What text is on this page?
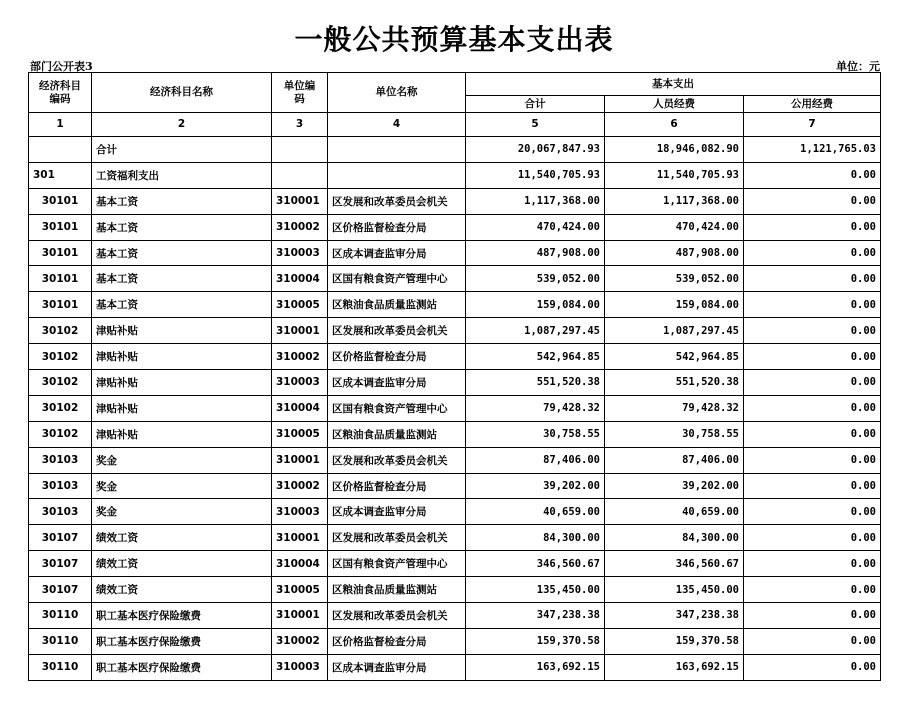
一般公共预算基本支出表
部门公开表3	单位：元
经济科目编码	经济科目名称	单位编码	单位名称	基本支出		
				合计	人员经费	公用经费
1	2	3	4	5	6	7
	合计			20,067,847.93	18,946,082.90	1,121,765.03
301	工资福利支出			11,540,705.93	11,540,705.93	0.00
30101	基本工资	310001	区发展和改革委员会机关	1,117,368.00	1,117,368.00	0.00
30101	基本工资	310002	区价格监督检查分局	470,424.00	470,424.00	0.00
30101	基本工资	310003	区成本调查监审分局	487,908.00	487,908.00	0.00
30101	基本工资	310004	区国有粮食资产管理中心	539,052.00	539,052.00	0.00
30101	基本工资	310005	区粮油食品质量监测站	159,084.00	159,084.00	0.00
30102	津贴补贴	310001	区发展和改革委员会机关	1,087,297.45	1,087,297.45	0.00
30102	津贴补贴	310002	区价格监督检查分局	542,964.85	542,964.85	0.00
30102	津贴补贴	310003	区成本调查监审分局	551,520.38	551,520.38	0.00
30102	津贴补贴	310004	区国有粮食资产管理中心	79,428.32	79,428.32	0.00
30102	津贴补贴	310005	区粮油食品质量监测站	30,758.55	30,758.55	0.00
30103	奖金	310001	区发展和改革委员会机关	87,406.00	87,406.00	0.00
30103	奖金	310002	区价格监督检查分局	39,202.00	39,202.00	0.00
30103	奖金	310003	区成本调查监审分局	40,659.00	40,659.00	0.00
30107	绩效工资	310001	区发展和改革委员会机关	84,300.00	84,300.00	0.00
30107	绩效工资	310004	区国有粮食资产管理中心	346,560.67	346,560.67	0.00
30107	绩效工资	310005	区粮油食品质量监测站	135,450.00	135,450.00	0.00
30110	职工基本医疗保险缴费	310001	区发展和改革委员会机关	347,238.38	347,238.38	0.00
30110	职工基本医疗保险缴费	310002	区价格监督检查分局	159,370.58	159,370.58	0.00
30110	职工基本医疗保险缴费	310003	区成本调查监审分局	163,692.15	163,692.15	0.00
